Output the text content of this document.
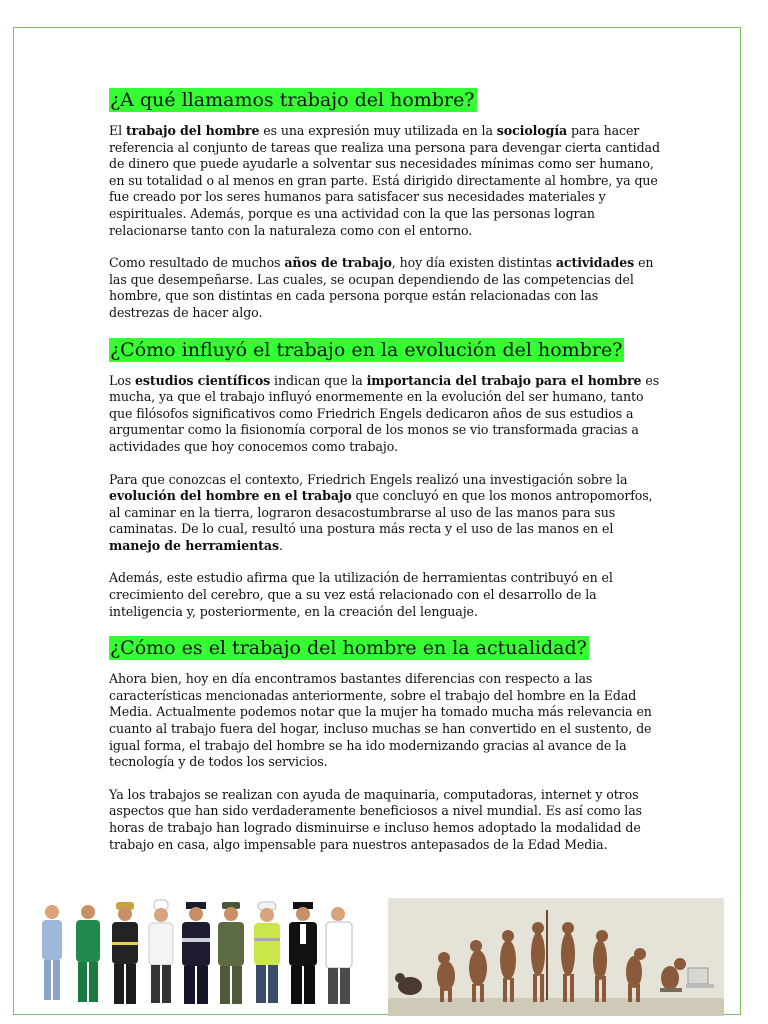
¿A qué llamamos trabajo del hombre?

El trabajo del hombre es una expresión muy utilizada en la sociología para hacer referencia al conjunto de tareas que realiza una persona para devengar cierta cantidad de dinero que puede ayudarle a solventar sus necesidades mínimas como ser humano, en su totalidad o al menos en gran parte. Está dirigido directamente al hombre, ya que fue creado por los seres humanos para satisfacer sus necesidades materiales y espirituales. Además, porque es una actividad con la que las personas logran relacionarse tanto con la naturaleza como con el entorno.

Como resultado de muchos años de trabajo, hoy día existen distintas actividades en las que desempeñarse. Las cuales, se ocupan dependiendo de las competencias del hombre, que son distintas en cada persona porque están relacionadas con las destrezas de hacer algo.

¿Cómo influyó el trabajo en la evolución del hombre?

Los estudios científicos indican que la importancia del trabajo para el hombre es mucha, ya que el trabajo influyó enormemente en la evolución del ser humano, tanto que filósofos significativos como Friedrich Engels dedicaron años de sus estudios a argumentar como la fisionomía corporal de los monos se vio transformada gracias a actividades que hoy conocemos como trabajo.

Para que conozcas el contexto, Friedrich Engels realizó una investigación sobre la evolución del hombre en el trabajo que concluyó en que los monos antropomorfos, al caminar en la tierra, lograron desacostumbrarse al uso de las manos para sus caminatas. De lo cual, resultó una postura más recta y el uso de las manos en el manejo de herramientas.

Además, este estudio afirma que la utilización de herramientas contribuyó en el crecimiento del cerebro, que a su vez está relacionado con el desarrollo de la inteligencia y, posteriormente, en la creación del lenguaje.

¿Cómo es el trabajo del hombre en la actualidad?

Ahora bien, hoy en día encontramos bastantes diferencias con respecto a las características mencionadas anteriormente, sobre el trabajo del hombre en la Edad Media. Actualmente podemos notar que la mujer ha tomado mucha más relevancia en cuanto al trabajo fuera del hogar, incluso muchas se han convertido en el sustento, de igual forma, el trabajo del hombre se ha ido modernizando gracias al avance de la tecnología y de todos los servicios.

Ya los trabajos se realizan con ayuda de maquinaria, computadoras, internet y otros aspectos que han sido verdaderamente beneficiosos a nivel mundial. Es así como las horas de trabajo han logrado disminuirse e incluso hemos adoptado la modalidad de trabajo en casa, algo impensable para nuestros antepasados de la Edad Media.
